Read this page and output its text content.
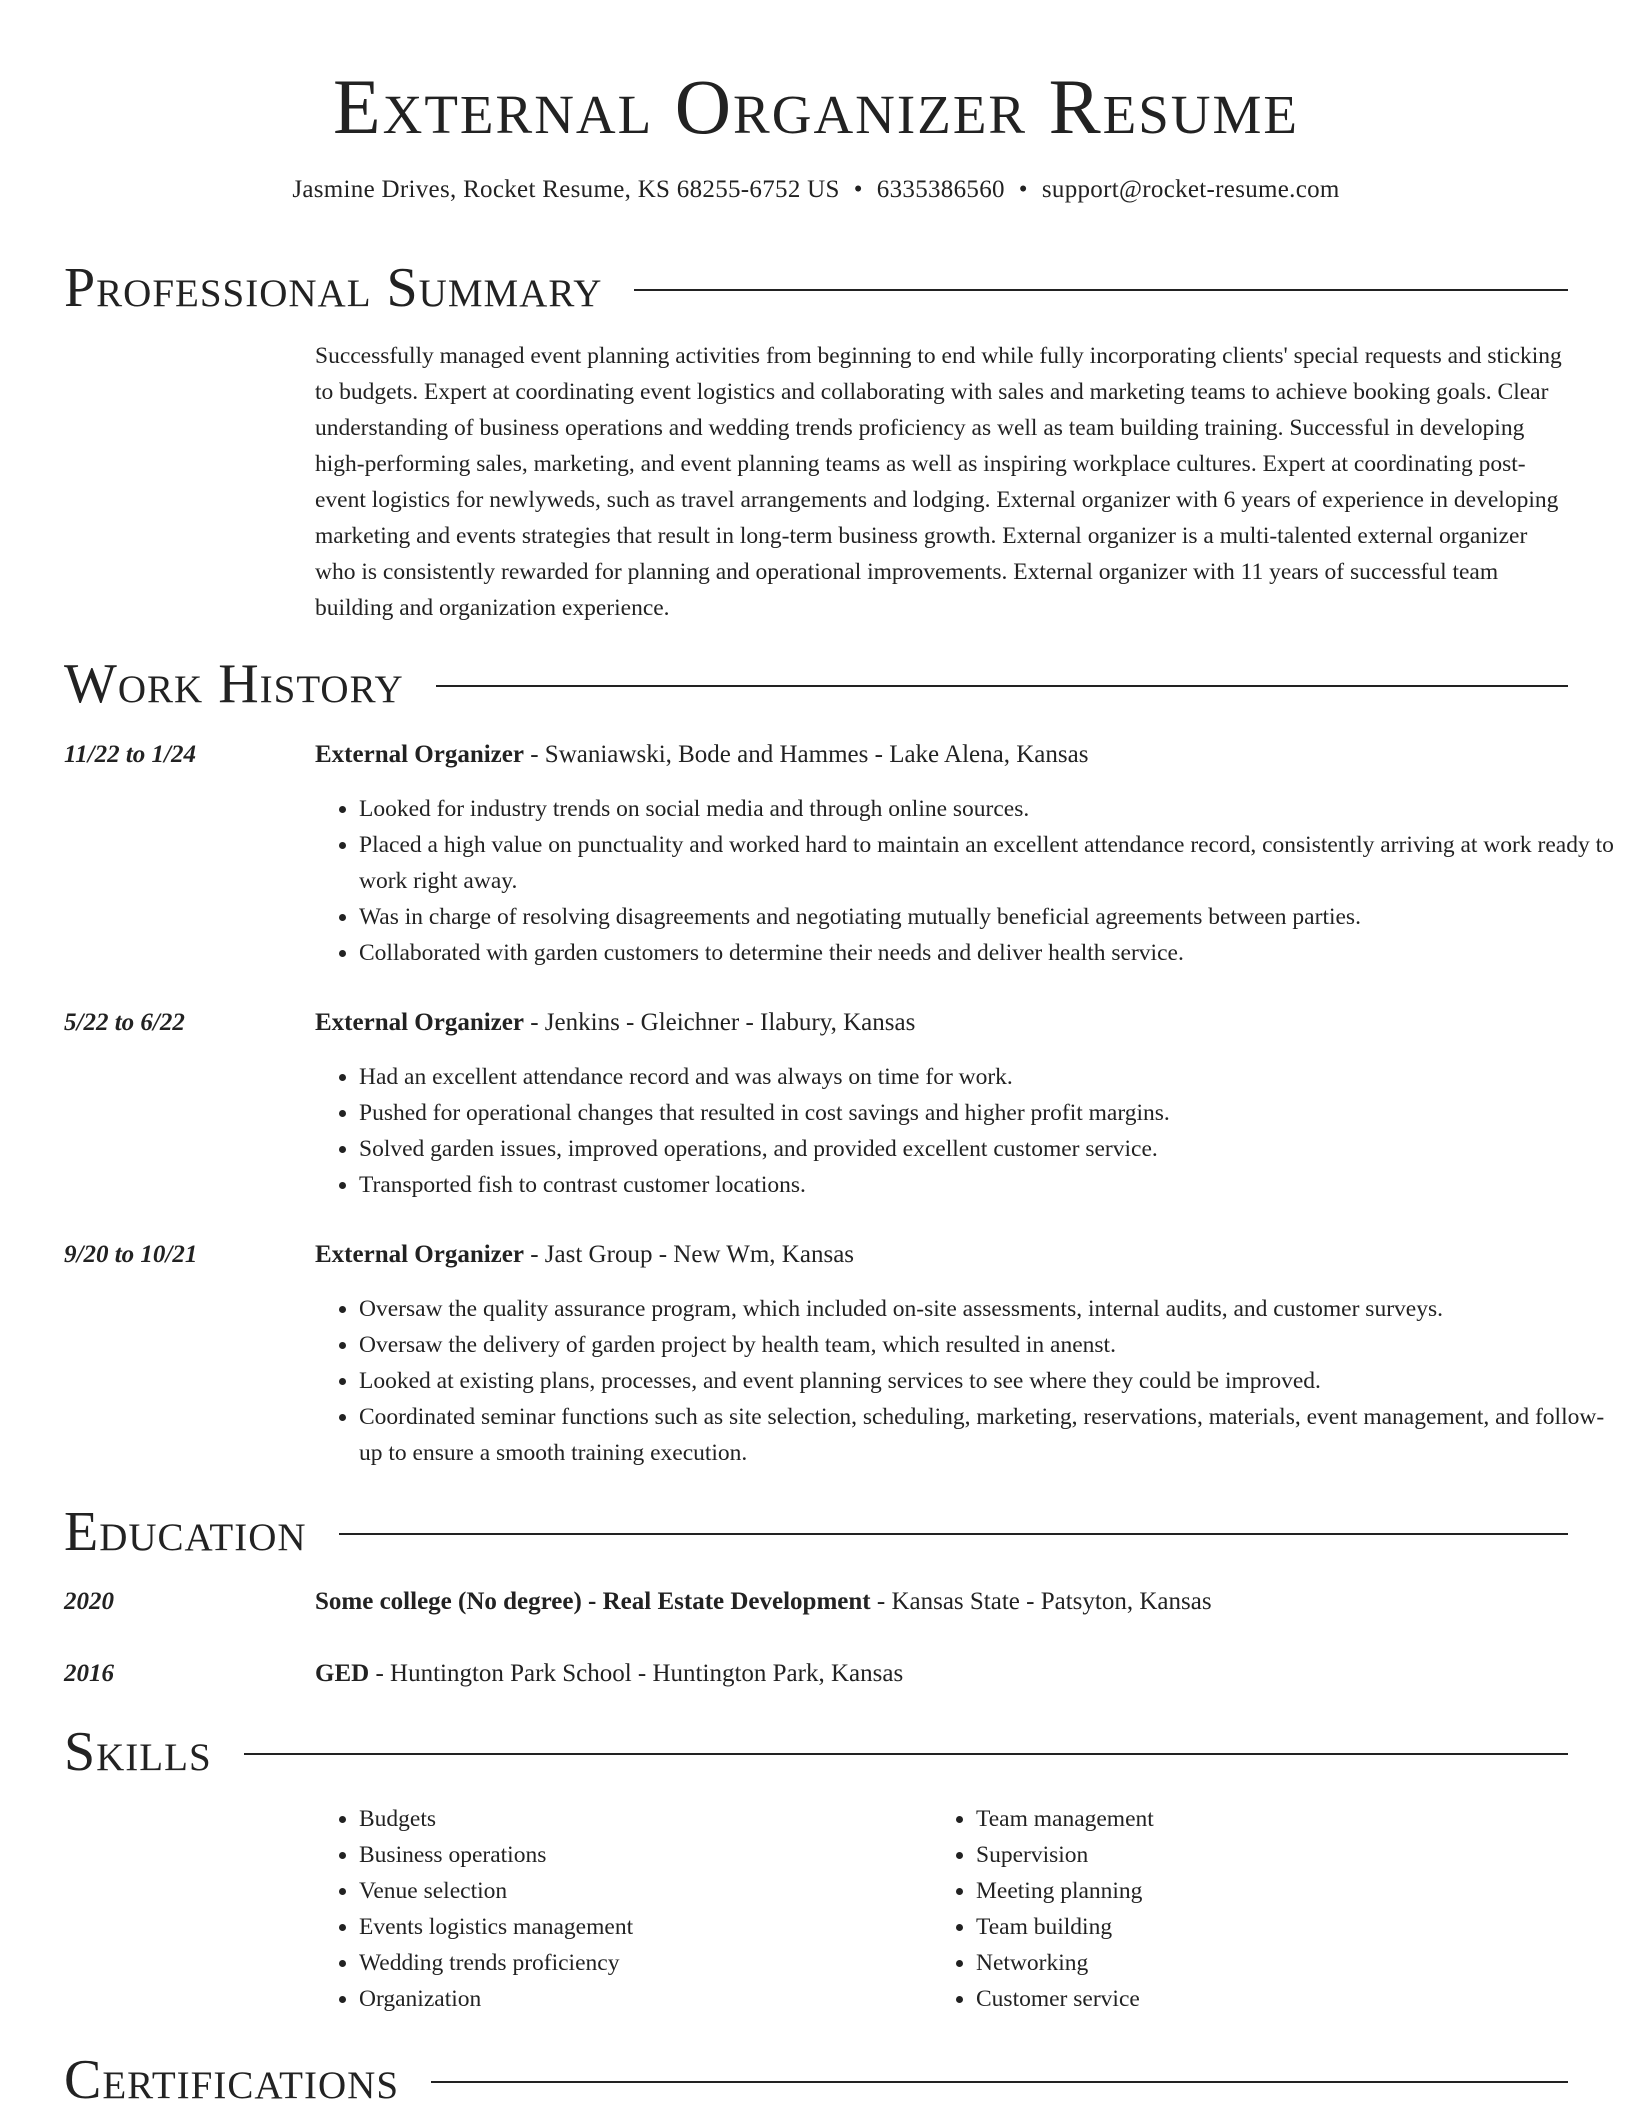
External Organizer Resume
Jasmine Drives, Rocket Resume, KS 68255-6752 US • 6335386560 • support@rocket-resume.com
Professional Summary

Successfully managed event planning activities from beginning to end while fully incorporating clients' special requests and sticking to budgets. Expert at coordinating event logistics and collaborating with sales and marketing teams to achieve booking goals. Clear understanding of business operations and wedding trends proficiency as well as team building training. Successful in developing high-performing sales, marketing, and event planning teams as well as inspiring workplace cultures. Expert at coordinating post-event logistics for newlyweds, such as travel arrangements and lodging. External organizer with 6 years of experience in developing marketing and events strategies that result in long-term business growth. External organizer is a multi-talented external organizer who is consistently rewarded for planning and operational improvements. External organizer with 11 years of successful team building and organization experience.

Work History
11/22 to 1/24	External Organizer - Swaniawski, Bode and Hammes - Lake Alena, Kansas
• Looked for industry trends on social media and through online sources.
• Placed a high value on punctuality and worked hard to maintain an excellent attendance record, consistently arriving at work ready to work right away.
• Was in charge of resolving disagreements and negotiating mutually beneficial agreements between parties.
• Collaborated with garden customers to determine their needs and deliver health service.
5/22 to 6/22	External Organizer - Jenkins - Gleichner - Ilabury, Kansas
• Had an excellent attendance record and was always on time for work.
• Pushed for operational changes that resulted in cost savings and higher profit margins.
• Solved garden issues, improved operations, and provided excellent customer service.
• Transported fish to contrast customer locations.
9/20 to 10/21	External Organizer - Jast Group - New Wm, Kansas
• Oversaw the quality assurance program, which included on-site assessments, internal audits, and customer surveys.
• Oversaw the delivery of garden project by health team, which resulted in anenst.
• Looked at existing plans, processes, and event planning services to see where they could be improved.
• Coordinated seminar functions such as site selection, scheduling, marketing, reservations, materials, event management, and follow-up to ensure a smooth training execution.
Education
2020	Some college (No degree) - Real Estate Development - Kansas State - Patsyton, Kansas
2016	GED - Huntington Park School - Huntington Park, Kansas
Skills
• Budgets
• Business operations
• Venue selection
• Events logistics management
• Wedding trends proficiency
• Organization
• Team management
• Supervision
• Meeting planning
• Team building
• Networking
• Customer service
Certifications
